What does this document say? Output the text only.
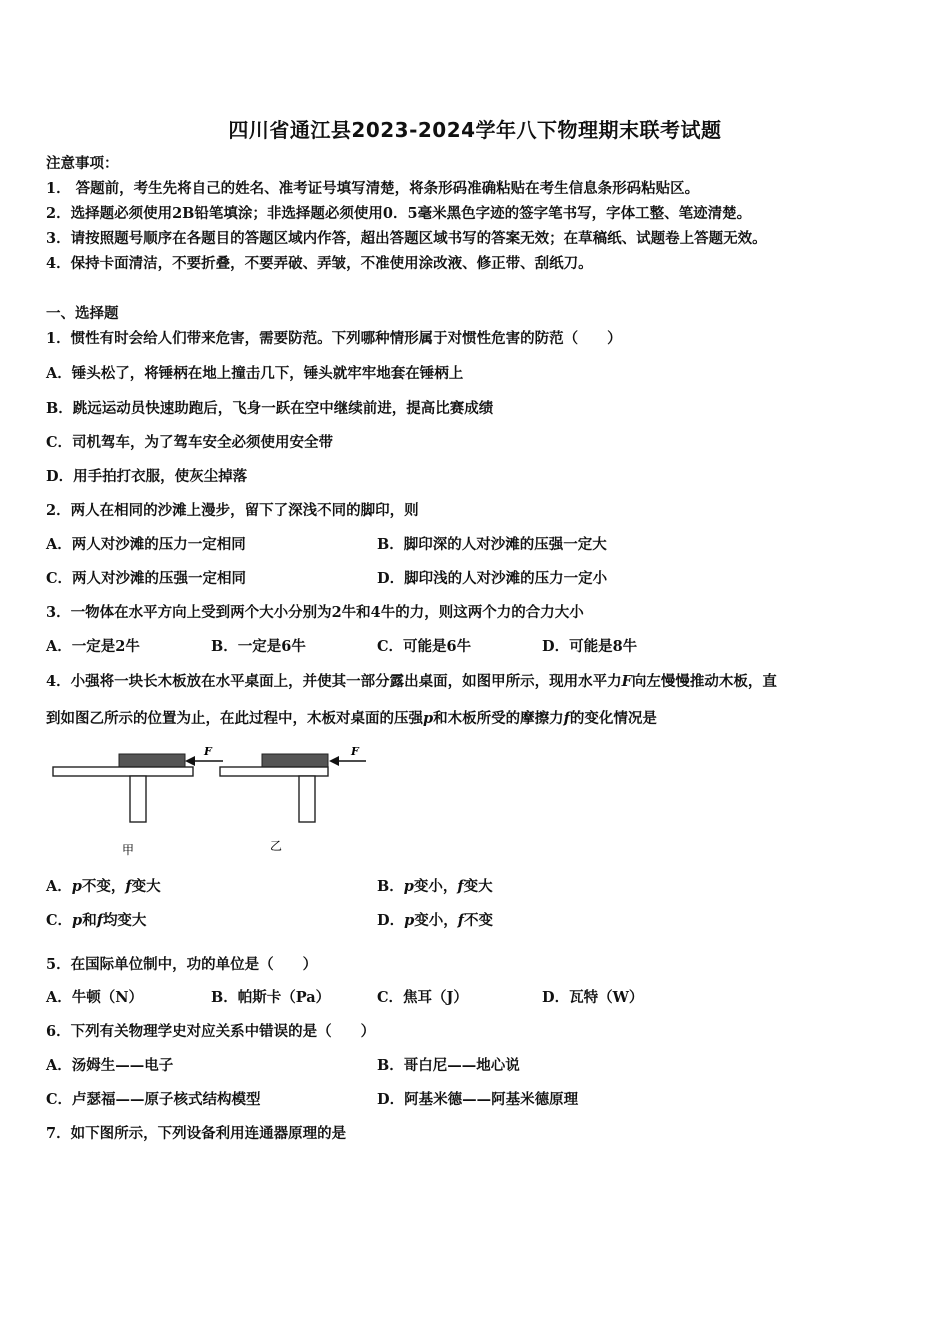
四川省通江县2023-2024学年八下物理期末联考试题
注意事项：
1． 答题前，考生先将自己的姓名、准考证号填写清楚，将条形码准确粘贴在考生信息条形码粘贴区。
2．选择题必须使用2B铅笔填涂；非选择题必须使用0．5毫米黑色字迹的签字笔书写，字体工整、笔迹清楚。
3．请按照题号顺序在各题目的答题区域内作答，超出答题区域书写的答案无效；在草稿纸、试题卷上答题无效。
4．保持卡面清洁，不要折叠，不要弄破、弄皱，不准使用涂改液、修正带、刮纸刀。
一、选择题
1．惯性有时会给人们带来危害，需要防范。下列哪种情形属于对惯性危害的防范（　　）
A．锤头松了，将锤柄在地上撞击几下，锤头就牢牢地套在锤柄上
B．跳远运动员快速助跑后，飞身一跃在空中继续前进，提高比赛成绩
C．司机驾车，为了驾车安全必须使用安全带
D．用手拍打衣服，使灰尘掉落
2．两人在相同的沙滩上漫步，留下了深浅不同的脚印，则
A．两人对沙滩的压力一定相同	B．脚印深的人对沙滩的压强一定大
C．两人对沙滩的压强一定相同	D．脚印浅的人对沙滩的压力一定小
3．一物体在水平方向上受到两个大小分别为2牛和4牛的力，则这两个力的合力大小
A．一定是2牛	B．一定是6牛	C．可能是6牛	D．可能是8牛
4．小强将一块长木板放在水平桌面上，并使其一部分露出桌面，如图甲所示，现用水平力F向左慢慢推动木板，直
到如图乙所示的位置为止，在此过程中，木板对桌面的压强p和木板所受的摩擦力f的变化情况是
F
甲
F
乙
A．p不变，f变大	B．p变小，f变大
C．p和f均变大	D．p变小，f不变
5．在国际单位制中，功的单位是（　　）
A．牛顿（N）	B．帕斯卡（Pa）	C．焦耳（J）	D．瓦特（W）
6．下列有关物理学史对应关系中错误的是（　　）
A．汤姆生——电子	B．哥白尼——地心说
C．卢瑟福——原子核式结构模型	D．阿基米德——阿基米德原理
7．如下图所示，下列设备利用连通器原理的是
